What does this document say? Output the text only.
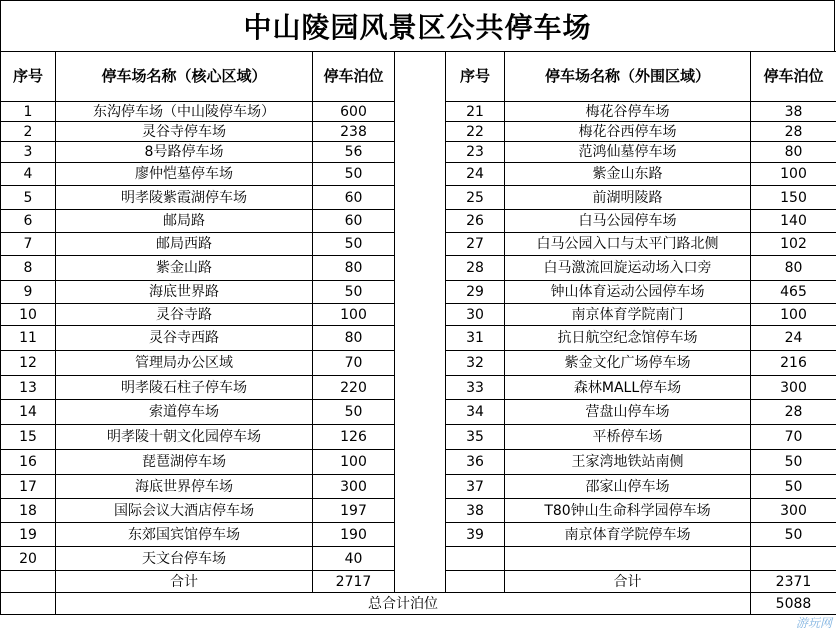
中山陵园风景区公共停车场
序号	停车场名称（核心区域）	停车泊位		序号	停车场名称（外围区域）	停车泊位
1	东沟停车场（中山陵停车场）	600		21	梅花谷停车场	38
2	灵谷寺停车场	238		22	梅花谷西停车场	28
3	8号路停车场	56		23	范鸿仙墓停车场	80
4	廖仲恺墓停车场	50		24	紫金山东路	100
5	明孝陵紫霞湖停车场	60		25	前湖明陵路	150
6	邮局路	60		26	白马公园停车场	140
7	邮局西路	50		27	白马公园入口与太平门路北侧	102
8	紫金山路	80		28	白马激流回旋运动场入口旁	80
9	海底世界路	50		29	钟山体育运动公园停车场	465
10	灵谷寺路	100		30	南京体育学院南门	100
11	灵谷寺西路	80		31	抗日航空纪念馆停车场	24
12	管理局办公区域	70		32	紫金文化广场停车场	216
13	明孝陵石柱子停车场	220		33	森林MALL停车场	300
14	索道停车场	50		34	营盘山停车场	28
15	明孝陵十朝文化园停车场	126		35	平桥停车场	70
16	琵琶湖停车场	100		36	王家湾地铁站南侧	50
17	海底世界停车场	300		37	邵家山停车场	50
18	国际会议大酒店停车场	197		38	T80钟山生命科学园停车场	300
19	东郊国宾馆停车场	190		39	南京体育学院停车场	50
20	天文台停车场	40				
	合计	2717			合计	2371
	总合计泊位					5088
游玩网
